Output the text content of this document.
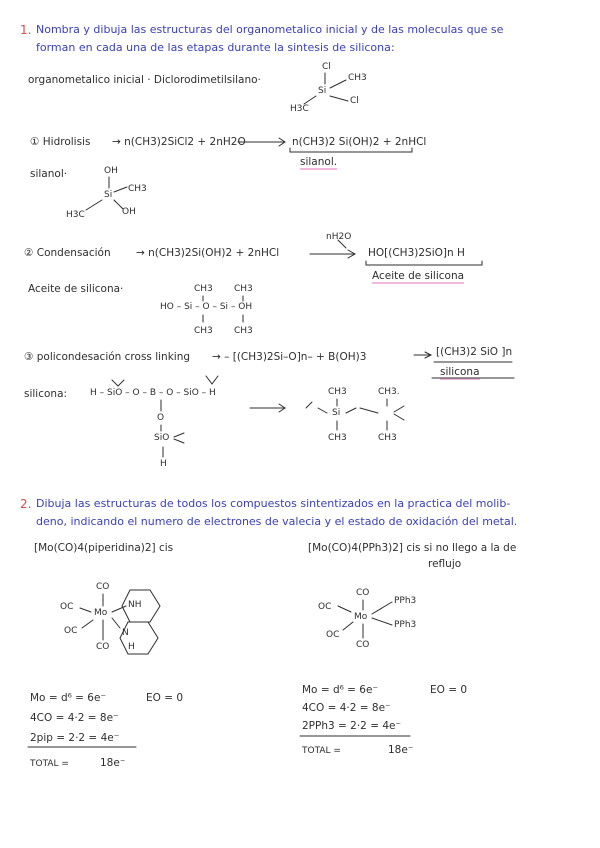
1. Nombra y dibuja las estructuras del organometalico inicial y de las moleculas que se
forman en cada una de las etapas durante la sintesis de silicona:
organometalico inicial · Diclorodimetilsilano·
Cl
CH3
Si
H3C
Cl
① Hidrolisis → n(CH3)2SiCl2 + 2nH2O	n(CH3)2 Si(OH)2 + 2nHCl
silanol.
silanol·	OH
CH3
Si
H3C	OH
② Condensación → n(CH3)2Si(OH)2 + 2nHCl
nH2O
HO[(CH3)2SiO]n H
Aceite de silicona
Aceite de silicona·	CH3 CH3
HO – Si – O – Si – OH
CH3 CH3
③ policondesación cross linking → – [(CH3)2Si–O]n– + B(OH)3	[(CH3)2 SiO ]n
silicona
silicona:	H – SiO – O – B – O – SiO – H
O
SiO
H
CH3	CH3.
Si
CH3	CH3
2. Dibuja las estructuras de todos los compuestos sintentizados en la practica del molib-
deno, indicando el numero de electrones de valecia y el estado de oxidación del metal.
[Mo(CO)4(piperidina)2] cis
CO
OC
Mo
NH
OC	N
H
CO
Mo = d⁶ = 6e⁻
4CO = 4·2 = 8e⁻
2pip = 2·2 = 4e⁻
TOTAL =	18e⁻
EO = 0
[Mo(CO)4(PPh3)2] cis si no llego a la de
reflujo
CO
OC
Mo
PPh3
PPh3
OC
CO
Mo = d⁶ = 6e⁻
4CO = 4·2 = 8e⁻
2PPh3 = 2·2 = 4e⁻
TOTAL =	18e⁻
EO = 0
